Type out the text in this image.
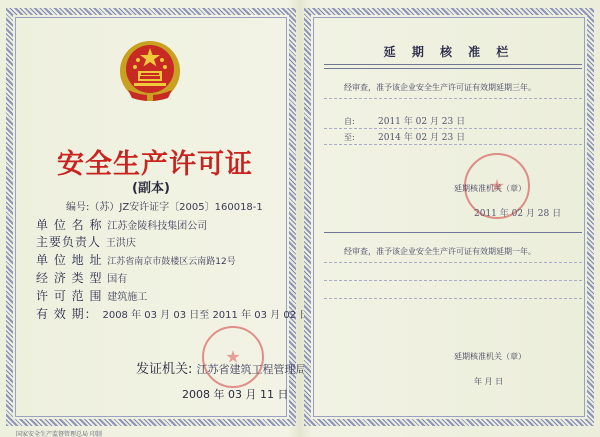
安全生产许可证
(副本)
编号:（苏）JZ安许证字〔2005〕160018-1
单 位 名 称 江苏金陵科技集团公司
主要负责人 王洪庆
单 位 地 址 江苏省南京市鼓楼区云南路12号
经 济 类 型 国有
许 可 范 围 建筑施工
有 效 期： 2008 年 03 月 03 日至 2011 年 03 月 02 日
发证机关: 江苏省建筑工程管理局
2008 年 03 月 11 日
国家安全生产监督管理总局 印制
延 期 核 准 栏
经审查，准予该企业安全生产许可证有效期延期三年。
自:	2011 年 02 月 23 日
至:	2014 年 02 月 23 日
延期核准机关（章）
2011 年 02 月 28 日
经审查，准予该企业安全生产许可证有效期延期一年。
延期核准机关（章）
年 月 日
